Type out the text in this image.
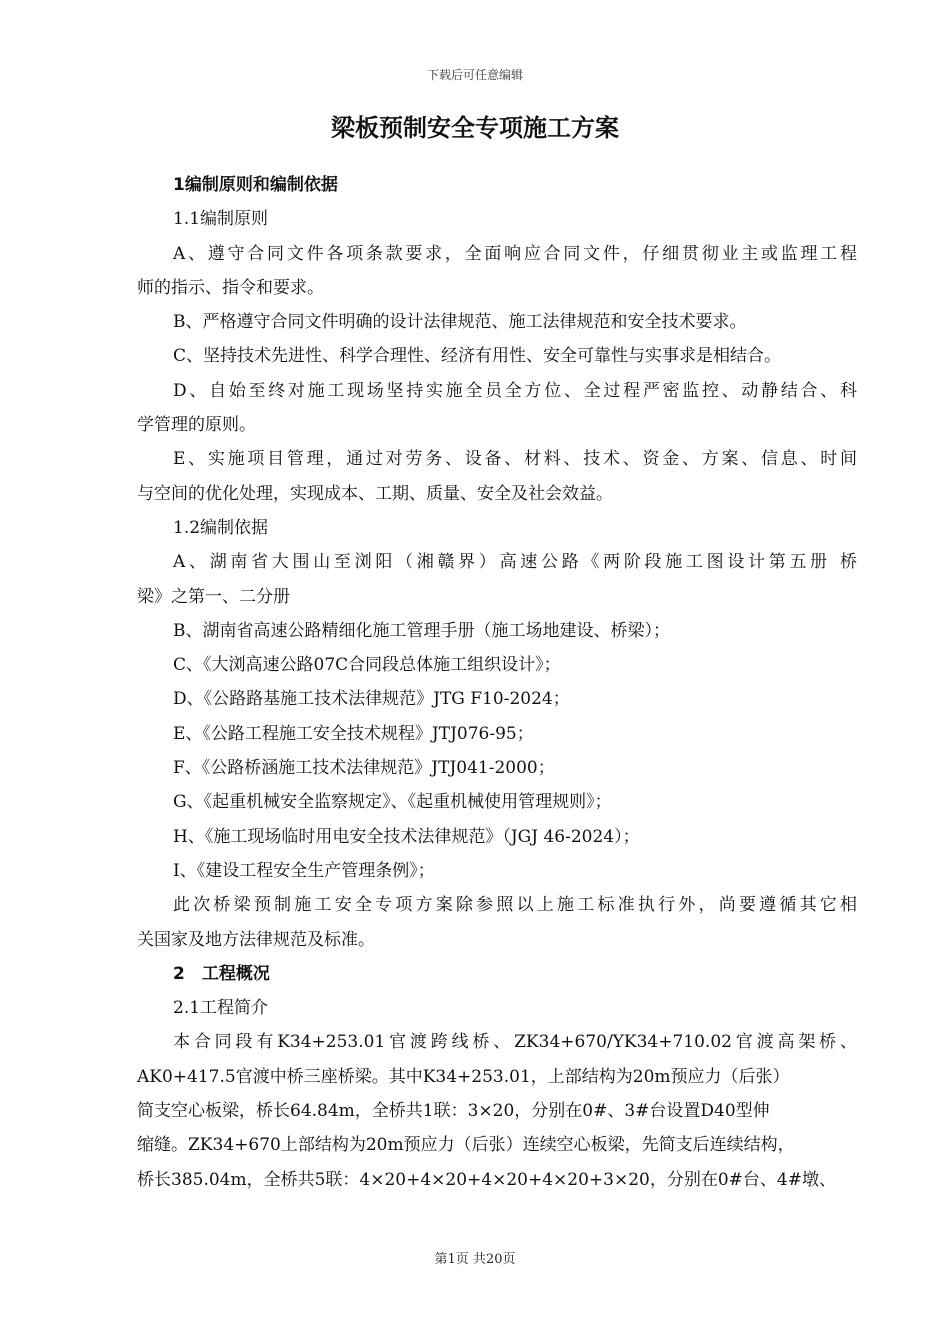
下载后可任意编辑
梁板预制安全专项施工方案
1编制原则和编制依据
1.1编制原则
A、遵守合同文件各项条款要求，全面响应合同文件，仔细贯彻业主或监理工程
师的指示、指令和要求。
B、严格遵守合同文件明确的设计法律规范、施工法律规范和安全技术要求。
C、坚持技术先进性、科学合理性、经济有用性、安全可靠性与实事求是相结合。
D、自始至终对施工现场坚持实施全员全方位、全过程严密监控、动静结合、科
学管理的原则。
E、实施项目管理，通过对劳务、设备、材料、技术、资金、方案、信息、时间
与空间的优化处理，实现成本、工期、质量、安全及社会效益。
1.2编制依据
A、湖南省大围山至浏阳（湘赣界）高速公路《两阶段施工图设计第五册 桥
梁》之第一、二分册
B、湖南省高速公路精细化施工管理手册（施工场地建设、桥梁）；
C、《大浏高速公路07C合同段总体施工组织设计》；
D、《公路路基施工技术法律规范》JTG F10-2024；
E、《公路工程施工安全技术规程》JTJ076-95；
F、《公路桥涵施工技术法律规范》JTJ041-2000；
G、《起重机械安全监察规定》、《起重机械使用管理规则》；
H、《施工现场临时用电安全技术法律规范》（JGJ 46-2024）；
I、《建设工程安全生产管理条例》；
此次桥梁预制施工安全专项方案除参照以上施工标准执行外，尚要遵循其它相
关国家及地方法律规范及标准。
2　工程概况
2.1工程简介
本合同段有K34+253.01官渡跨线桥、ZK34+670/YK34+710.02官渡高架桥、
AK0+417.5官渡中桥三座桥梁。其中K34+253.01，上部结构为20m预应力（后张）
简支空心板梁，桥长64.84m，全桥共1联：3×20，分别在0#、3#台设置D40型伸
缩缝。ZK34+670上部结构为20m预应力（后张）连续空心板梁，先简支后连续结构，
桥长385.04m，全桥共5联：4×20+4×20+4×20+4×20+3×20，分别在0#台、4#墩、
第1页 共20页
